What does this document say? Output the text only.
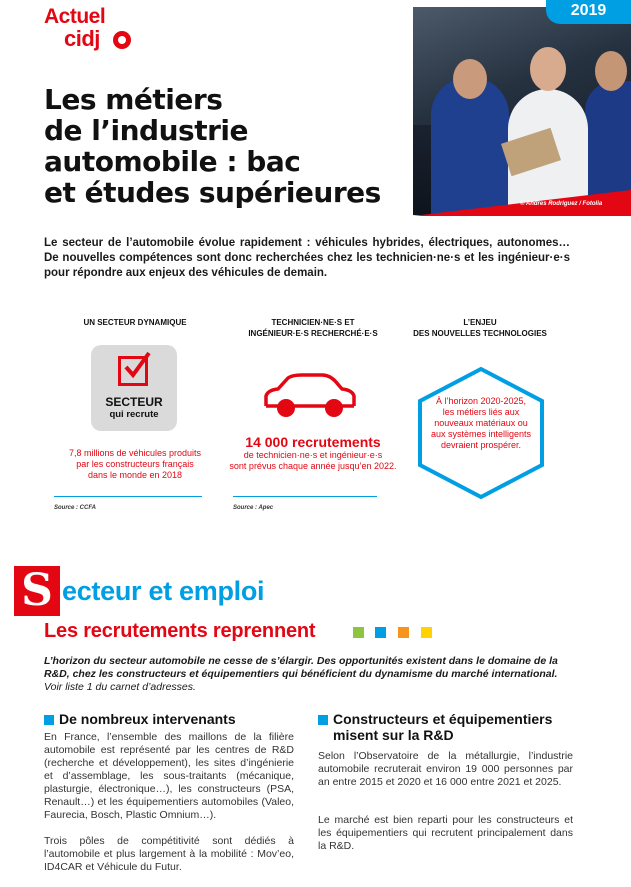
Actuel
cidj
© Andres Rodriguez / Fotolia
2019
Les métiers
de l’industrie
automobile : bac
et études supérieures
Le secteur de l’automobile évolue rapidement : véhicules hybrides, électriques, autonomes… De nouvelles compétences sont donc recherchées chez les technicien·ne·s et les ingénieur·e·s pour répondre aux enjeux des véhicules de demain.
UN SECTEUR DYNAMIQUE
SECTEUR
qui recrute
7,8 millions de véhicules produits
par les constructeurs français
dans le monde en 2018
Source : CCFA
TECHNICIEN·NE·S ET
INGÉNIEUR·E·S RECHERCHÉ·E·S
14 000 recrutements
de technicien·ne·s et ingénieur·e·s
sont prévus chaque année jusqu’en 2022.
Source : Apec
L’ENJEU
DES NOUVELLES TECHNOLOGIES
À l’horizon 2020-2025,
les métiers liés aux
nouveaux matériaux ou
aux systèmes intelligents
devraient prospérer.
S ecteur et emploi
Les recrutements reprennent
L’horizon du secteur automobile ne cesse de s’élargir. Des opportunités existent dans le domaine de la R&D, chez les constructeurs et équipementiers qui bénéficient du dynamisme du marché international. Voir liste 1 du carnet d’adresses.
De nombreux intervenants
En France, l’ensemble des maillons de la filière automobile est représenté par les centres de R&D (recherche et développement), les sites d’ingénierie et d’assemblage, les sous-traitants (mécanique, plasturgie, électronique…), les constructeurs (PSA, Renault…) et les équipementiers automobiles (Valeo, Faurecia, Bosch, Plastic Omnium…).
Trois pôles de compétitivité sont dédiés à l’automobile et plus largement à la mobilité : Mov’eo, ID4CAR et Véhicule du Futur.
Constructeurs et équipementiers
misent sur la R&D
Selon l’Observatoire de la métallurgie, l’industrie automobile recruterait environ 19 000 personnes par an entre 2015 et 2020 et 16 000 entre 2021 et 2025.
Le marché est bien reparti pour les constructeurs et les équipementiers qui recrutent principalement dans la R&D.
